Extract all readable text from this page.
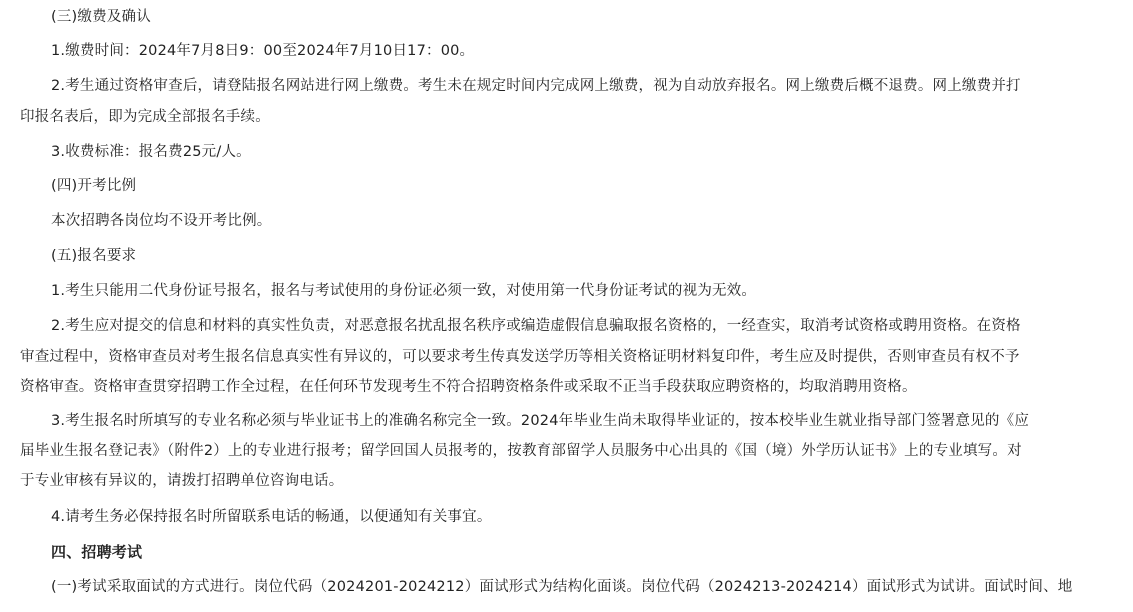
(三)缴费及确认
1.缴费时间：2024年7月8日9：00至2024年7月10日17：00。
2.考生通过资格审查后，请登陆报名网站进行网上缴费。考生未在规定时间内完成网上缴费，视为自动放弃报名。网上缴费后概不退费。网上缴费并打
印报名表后，即为完成全部报名手续。
3.收费标准：报名费25元/人。
(四)开考比例
本次招聘各岗位均不设开考比例。
(五)报名要求
1.考生只能用二代身份证号报名，报名与考试使用的身份证必须一致，对使用第一代身份证考试的视为无效。
2.考生应对提交的信息和材料的真实性负责，对恶意报名扰乱报名秩序或编造虚假信息骗取报名资格的，一经查实，取消考试资格或聘用资格。在资格
审查过程中，资格审查员对考生报名信息真实性有异议的，可以要求考生传真发送学历等相关资格证明材料复印件，考生应及时提供，否则审查员有权不予
资格审查。资格审查贯穿招聘工作全过程，在任何环节发现考生不符合招聘资格条件或采取不正当手段获取应聘资格的，均取消聘用资格。
3.考生报名时所填写的专业名称必须与毕业证书上的准确名称完全一致。2024年毕业生尚未取得毕业证的，按本校毕业生就业指导部门签署意见的《应
届毕业生报名登记表》（附件2）上的专业进行报考；留学回国人员报考的，按教育部留学人员服务中心出具的《国（境）外学历认证书》上的专业填写。对
于专业审核有异议的，请拨打招聘单位咨询电话。
4.请考生务必保持报名时所留联系电话的畅通，以便通知有关事宜。
四、招聘考试
(一)考试采取面试的方式进行。岗位代码（2024201-2024212）面试形式为结构化面谈。岗位代码（2024213-2024214）面试形式为试讲。面试时间、地
